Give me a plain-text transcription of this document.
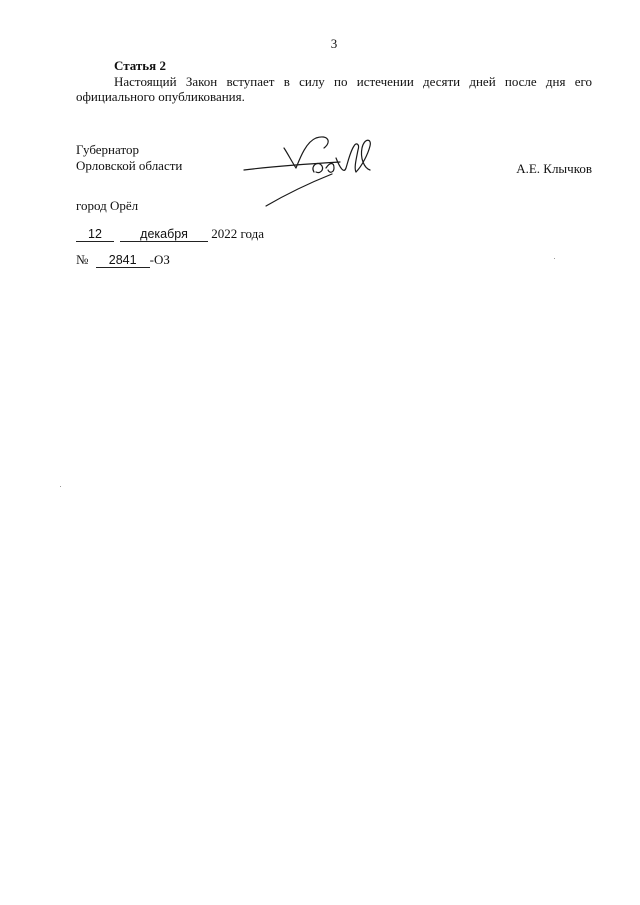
3
Статья 2
Настоящий Закон вступает в силу по истечении десяти дней после дня его официального опубликования.
Губернатор
Орловской области	А.Е. Клычков
город Орёл
12	декабря 2022 года
№ 2841 -ОЗ
